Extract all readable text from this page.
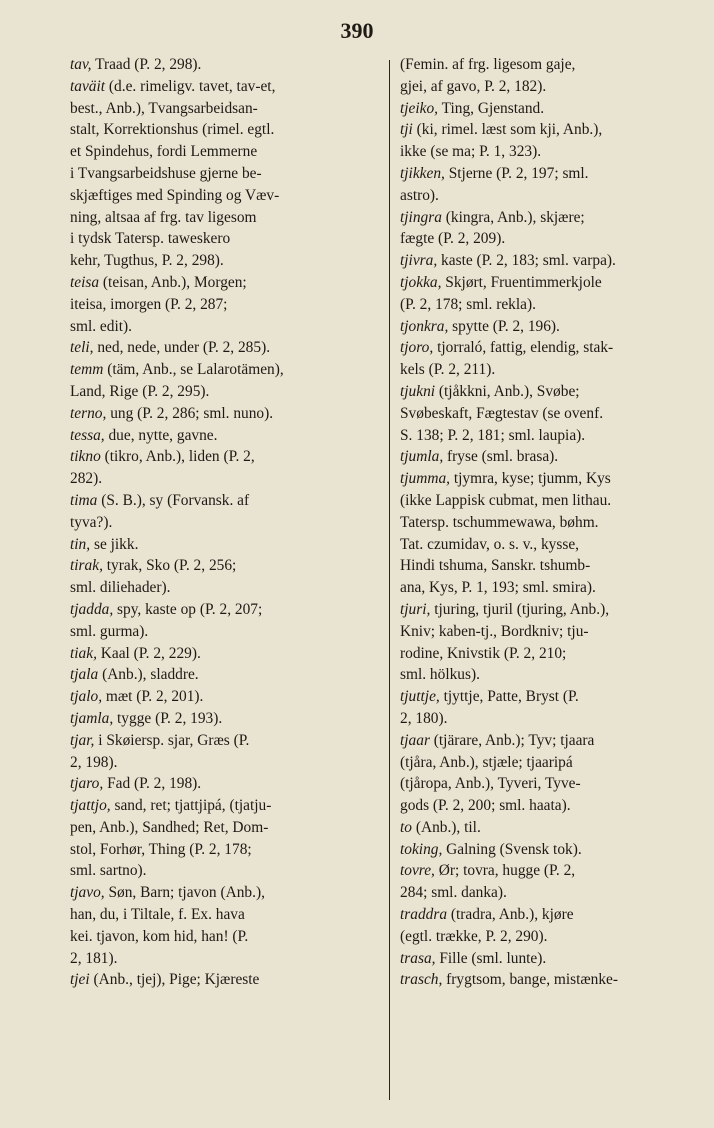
390
tav, Traad (P. 2, 298).
taväit (d.e. rimeligv. tavet, tav-et,
best., Anb.), Tvangsarbeidsan-
stalt, Korrektionshus (rimel. egtl.
et Spindehus, fordi Lemmerne
i Tvangsarbeidshuse gjerne be-
skjæftiges med Spinding og Væv-
ning, altsaa af frg. tav ligesom
i tydsk Tatersp. taweskero
kehr, Tugthus, P. 2, 298).
teisa (teisan, Anb.), Morgen;
iteisa, imorgen (P. 2, 287;
sml. edit).
teli, ned, nede, under (P. 2, 285).
temm (täm, Anb., se Lalarotämen),
Land, Rige (P. 2, 295).
terno, ung (P. 2, 286; sml. nuno).
tessa, due, nytte, gavne.
tikno (tikro, Anb.), liden (P. 2,
282).
tima (S. B.), sy (Forvansk. af
tyva?).
tin, se jikk.
tirak, tyrak, Sko (P. 2, 256;
sml. diliehader).
tjadda, spy, kaste op (P. 2, 207;
sml. gurma).
tiak, Kaal (P. 2, 229).
tjala (Anb.), sladdre.
tjalo, mæt (P. 2, 201).
tjamla, tygge (P. 2, 193).
tjar, i Skøiersp. sjar, Græs (P.
2, 198).
tjaro, Fad (P. 2, 198).
tjattjo, sand, ret; tjattjipá, (tjatju-
pen, Anb.), Sandhed; Ret, Dom-
stol, Forhør, Thing (P. 2, 178;
sml. sartno).
tjavo, Søn, Barn; tjavon (Anb.),
han, du, i Tiltale, f. Ex. hava
kei. tjavon, kom hid, han! (P.
2, 181).
tjei (Anb., tjej), Pige; Kjæreste
(Femin. af frg. ligesom gaje,
gjei, af gavo, P. 2, 182).
tjeiko, Ting, Gjenstand.
tji (ki, rimel. læst som kji, Anb.),
ikke (se ma; P. 1, 323).
tjikken, Stjerne (P. 2, 197; sml.
astro).
tjingra (kingra, Anb.), skjære;
fægte (P. 2, 209).
tjivra, kaste (P. 2, 183; sml. varpa).
tjokka, Skjørt, Fruentimmerkjole
(P. 2, 178; sml. rekla).
tjonkra, spytte (P. 2, 196).
tjoro, tjorraló, fattig, elendig, stak-
kels (P. 2, 211).
tjukni (tjåkkni, Anb.), Svøbe;
Svøbeskaft, Fægtestav (se ovenf.
S. 138; P. 2, 181; sml. laupia).
tjumla, fryse (sml. brasa).
tjumma, tjymra, kyse; tjumm, Kys
(ikke Lappisk cubmat, men lithau.
Tatersp. tschummewawa, bøhm.
Tat. czumidav, o. s. v., kysse,
Hindi tshuma, Sanskr. tshumb-
ana, Kys, P. 1, 193; sml. smira).
tjuri, tjuring, tjuril (tjuring, Anb.),
Kniv; kaben-tj., Bordkniv; tju-
rodine, Knivstik (P. 2, 210;
sml. hölkus).
tjuttje, tjyttje, Patte, Bryst (P.
2, 180).
tjaar (tjärare, Anb.); Tyv; tjaara
(tjåra, Anb.), stjæle; tjaaripá
(tjåropa, Anb.), Tyveri, Tyve-
gods (P. 2, 200; sml. haata).
to (Anb.), til.
toking, Galning (Svensk tok).
tovre, Ør; tovra, hugge (P. 2,
284; sml. danka).
traddra (tradra, Anb.), kjøre
(egtl. trække, P. 2, 290).
trasa, Fille (sml. lunte).
trasch, frygtsom, bange, mistænke-
